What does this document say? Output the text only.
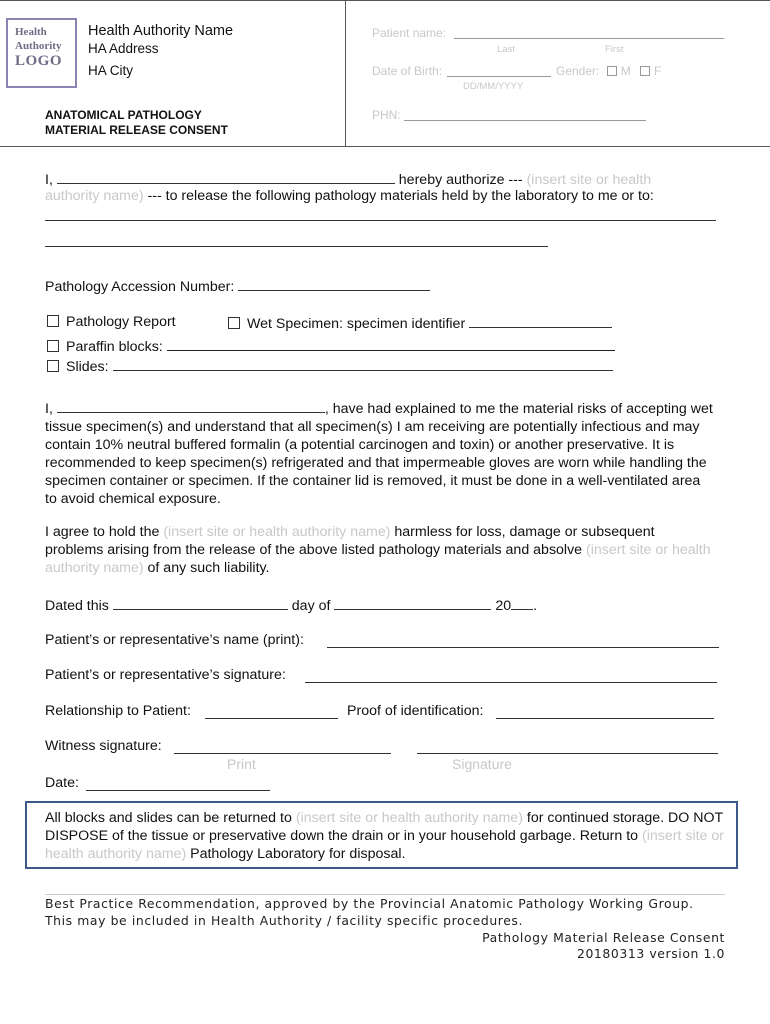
Health
Authority
LOGO
Health Authority Name
HA Address
HA City
ANATOMICAL PATHOLOGY
MATERIAL RELEASE CONSENT
Patient name:
Last	First
Date of Birth:
DD/MM/YYYY
Gender: M F
PHN:
I,	hereby authorize --- (insert site or health
authority name) --- to release the following pathology materials held by the laboratory to me or to:
Pathology Accession Number:
Pathology Report	Wet Specimen: specimen identifier
Paraffin blocks:
Slides:
I,	, have had explained to me the material risks of accepting wet tissue specimen(s) and understand that all specimen(s) I am receiving are potentially infectious and may contain 10% neutral buffered formalin (a potential carcinogen and toxin) or another preservative. It is recommended to keep specimen(s) refrigerated and that impermeable gloves are worn while handling the specimen container or specimen. If the container lid is removed, it must be done in a well-ventilated area to avoid chemical exposure.
I agree to hold the (insert site or health authority name) harmless for loss, damage or subsequent problems arising from the release of the above listed pathology materials and absolve (insert site or health authority name) of any such liability.
Dated this	day of	20 .
Patient’s or representative’s name (print):
Patient’s or representative’s signature:
Relationship to Patient:	Proof of identification:
Witness signature:
Print	Signature
Date:
All blocks and slides can be returned to (insert site or health authority name) for continued storage. DO NOT DISPOSE of the tissue or preservative down the drain or in your household garbage. Return to (insert site or health authority name) Pathology Laboratory for disposal.
Best Practice Recommendation, approved by the Provincial Anatomic Pathology Working Group.
This may be included in Health Authority / facility specific procedures.
Pathology Material Release Consent
20180313 version 1.0
